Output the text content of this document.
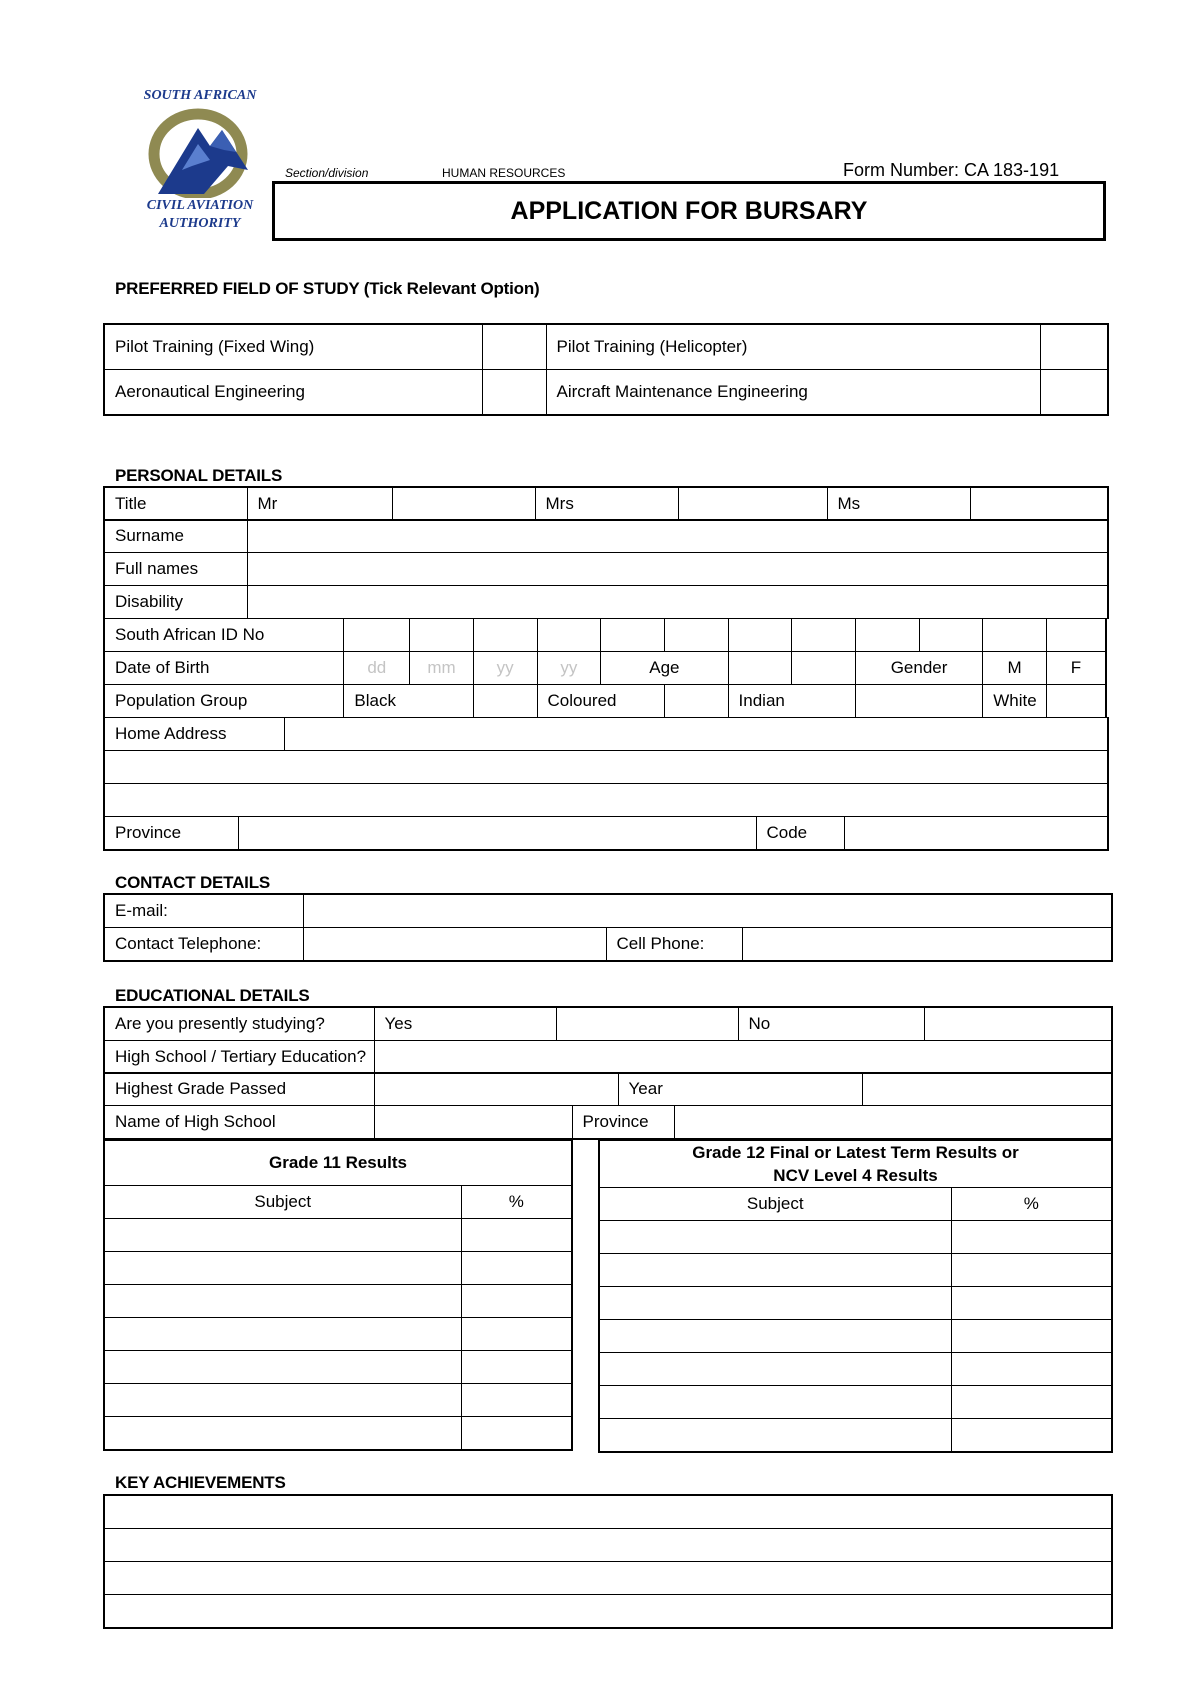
SOUTH AFRICAN
CIVIL AVIATION
AUTHORITY
Section/division	HUMAN RESOURCES	Form Number: CA 183-191
APPLICATION FOR BURSARY
PREFERRED FIELD OF STUDY (Tick Relevant Option)
Pilot Training (Fixed Wing)		Pilot Training (Helicopter)	
Aeronautical Engineering		Aircraft Maintenance Engineering	
PERSONAL DETAILS
Title	Mr		Mrs		Ms	
Surname	
Full names	
Disability	
South African ID No												
Date of Birth	dd	mm	yy	yy	Age				Gender		M	F
Population Group	Black			Coloured			Indian				White	
Home Address				

Province			Code	
CONTACT DETAILS
E-mail:			
Contact Telephone:		Cell Phone:	
EDUCATIONAL DETAILS
Are you presently studying?	Yes		No	
High School / Tertiary Education?				
Highest Grade Passed		Year	
Name of High School		Province	
Grade 11 Results	
Subject	%

Grade 12 Final or Latest Term Results or
NCV Level 4 Results	

Subject	%

KEY ACHIEVEMENTS
